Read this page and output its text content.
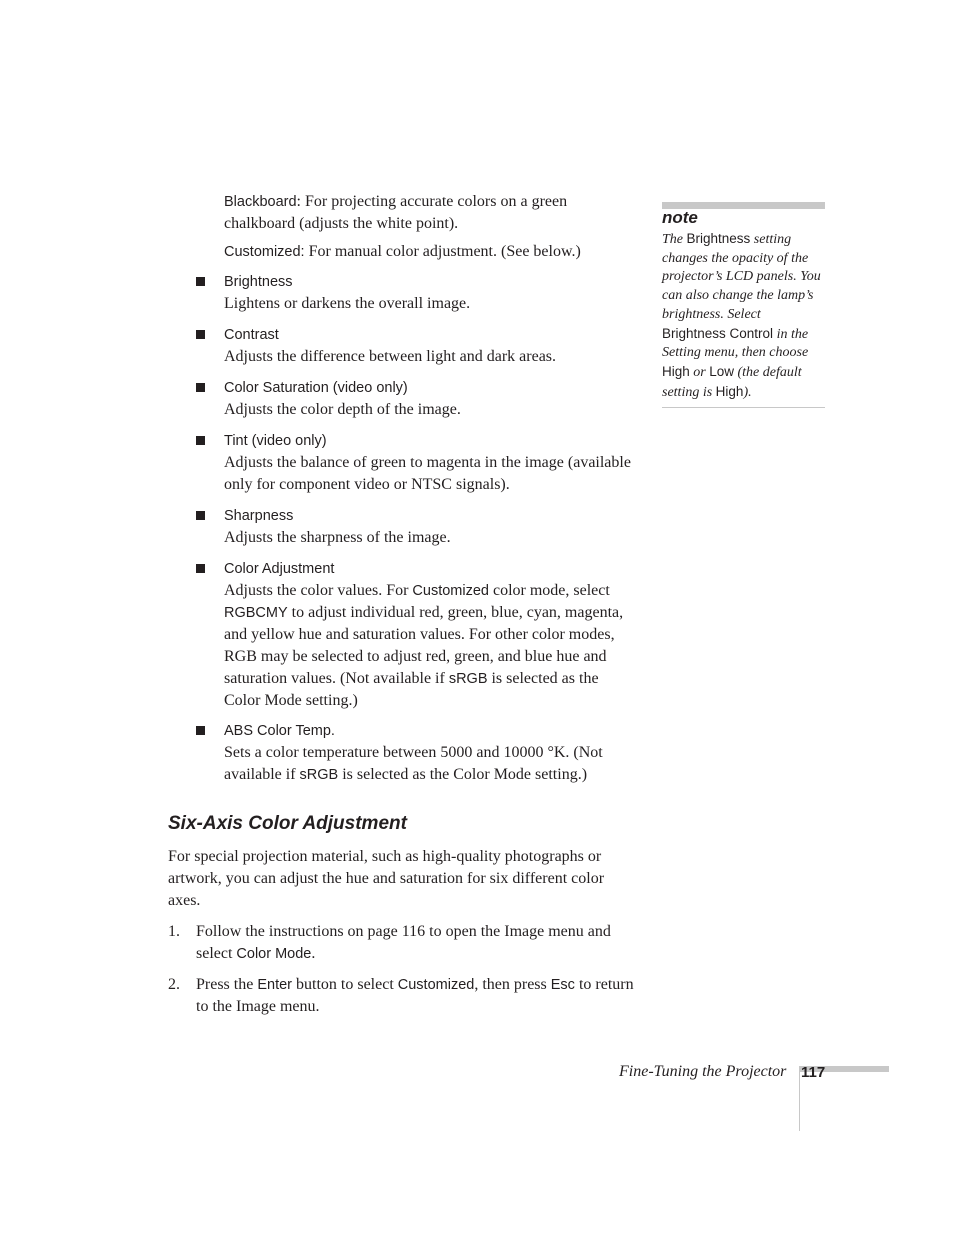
Blackboard: For projecting accurate colors on a green chalkboard (adjusts the white point).
Customized: For manual color adjustment. (See below.)
Brightness
Lightens or darkens the overall image.
Contrast
Adjusts the difference between light and dark areas.
Color Saturation (video only)
Adjusts the color depth of the image.
Tint (video only)
Adjusts the balance of green to magenta in the image (available only for component video or NTSC signals).
Sharpness
Adjusts the sharpness of the image.
Color Adjustment
Adjusts the color values. For Customized color mode, select RGBCMY to adjust individual red, green, blue, cyan, magenta, and yellow hue and saturation values. For other color modes, RGB may be selected to adjust red, green, and blue hue and saturation values. (Not available if sRGB is selected as the Color Mode setting.)
ABS Color Temp.
Sets a color temperature between 5000 and 10000 °K. (Not available if sRGB is selected as the Color Mode setting.)
Six-Axis Color Adjustment
For special projection material, such as high-quality photographs or artwork, you can adjust the hue and saturation for six different color axes.
1. Follow the instructions on page 116 to open the Image menu and select Color Mode.
2. Press the Enter button to select Customized, then press Esc to return to the Image menu.
note
The Brightness setting changes the opacity of the projector’s LCD panels. You can also change the lamp’s brightness. Select Brightness Control in the Setting menu, then choose High or Low (the default setting is High).
Fine-Tuning the Projector 117
